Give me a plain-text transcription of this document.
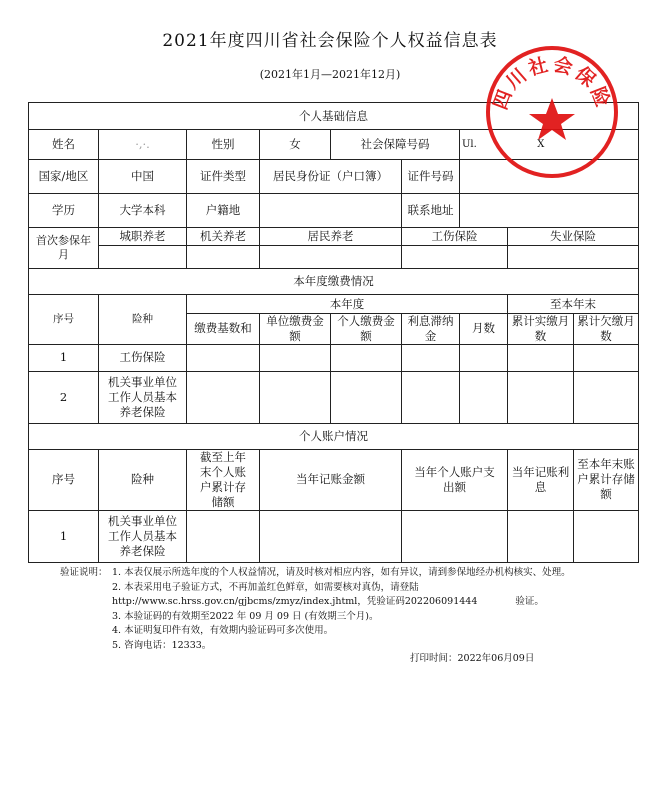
2021年度四川省社会保险个人权益信息表
(2021年1月—2021年12月)
个人基础信息								
姓名	·,·.	性别	女	社会保障号码		Ul.                   X		
国家/地区	中国	证件类型	居民身份证（户口簿）		证件号码			
学历	大学本科	户籍地			联系地址			
首次参保年月	城职养老	机关养老	居民养老		工伤保险		失业保险	

本年度缴费情况								
序号	险种	本年度					至本年末	
		缴费基数和	单位缴费金额	个人缴费金额	利息滞纳金	月数	累计实缴月数	累计欠缴月数
1	工伤保险							
2	机关事业单位工作人员基本养老保险							
个人账户情况								
序号	险种	截至上年末个人账户累计存储额	当年记账金额		当年个人账户支出额		当年记账利息	至本年末账户累计存储额
1	机关事业单位工作人员基本养老保险							
验证说明： 1. 本表仅展示所选年度的个人权益情况，请及时核对相应内容，如有异议，请到参保地经办机构核实、处理。
2. 本表采用电子验证方式，不再加盖红色鲜章，如需要核对真伪，请登陆http://www.sc.hrss.gov.cn/gjbcms/zmyz/index.jhtml，凭验证码202206091444　　　　验证。
3. 本验证码的有效期至2022 年 09 月 09 日 (有效期三个月)。
4. 本证明复印件有效，有效期内验证码可多次使用。
5. 咨询电话：12333。
打印时间：2022年06月09日
四川社会保险
